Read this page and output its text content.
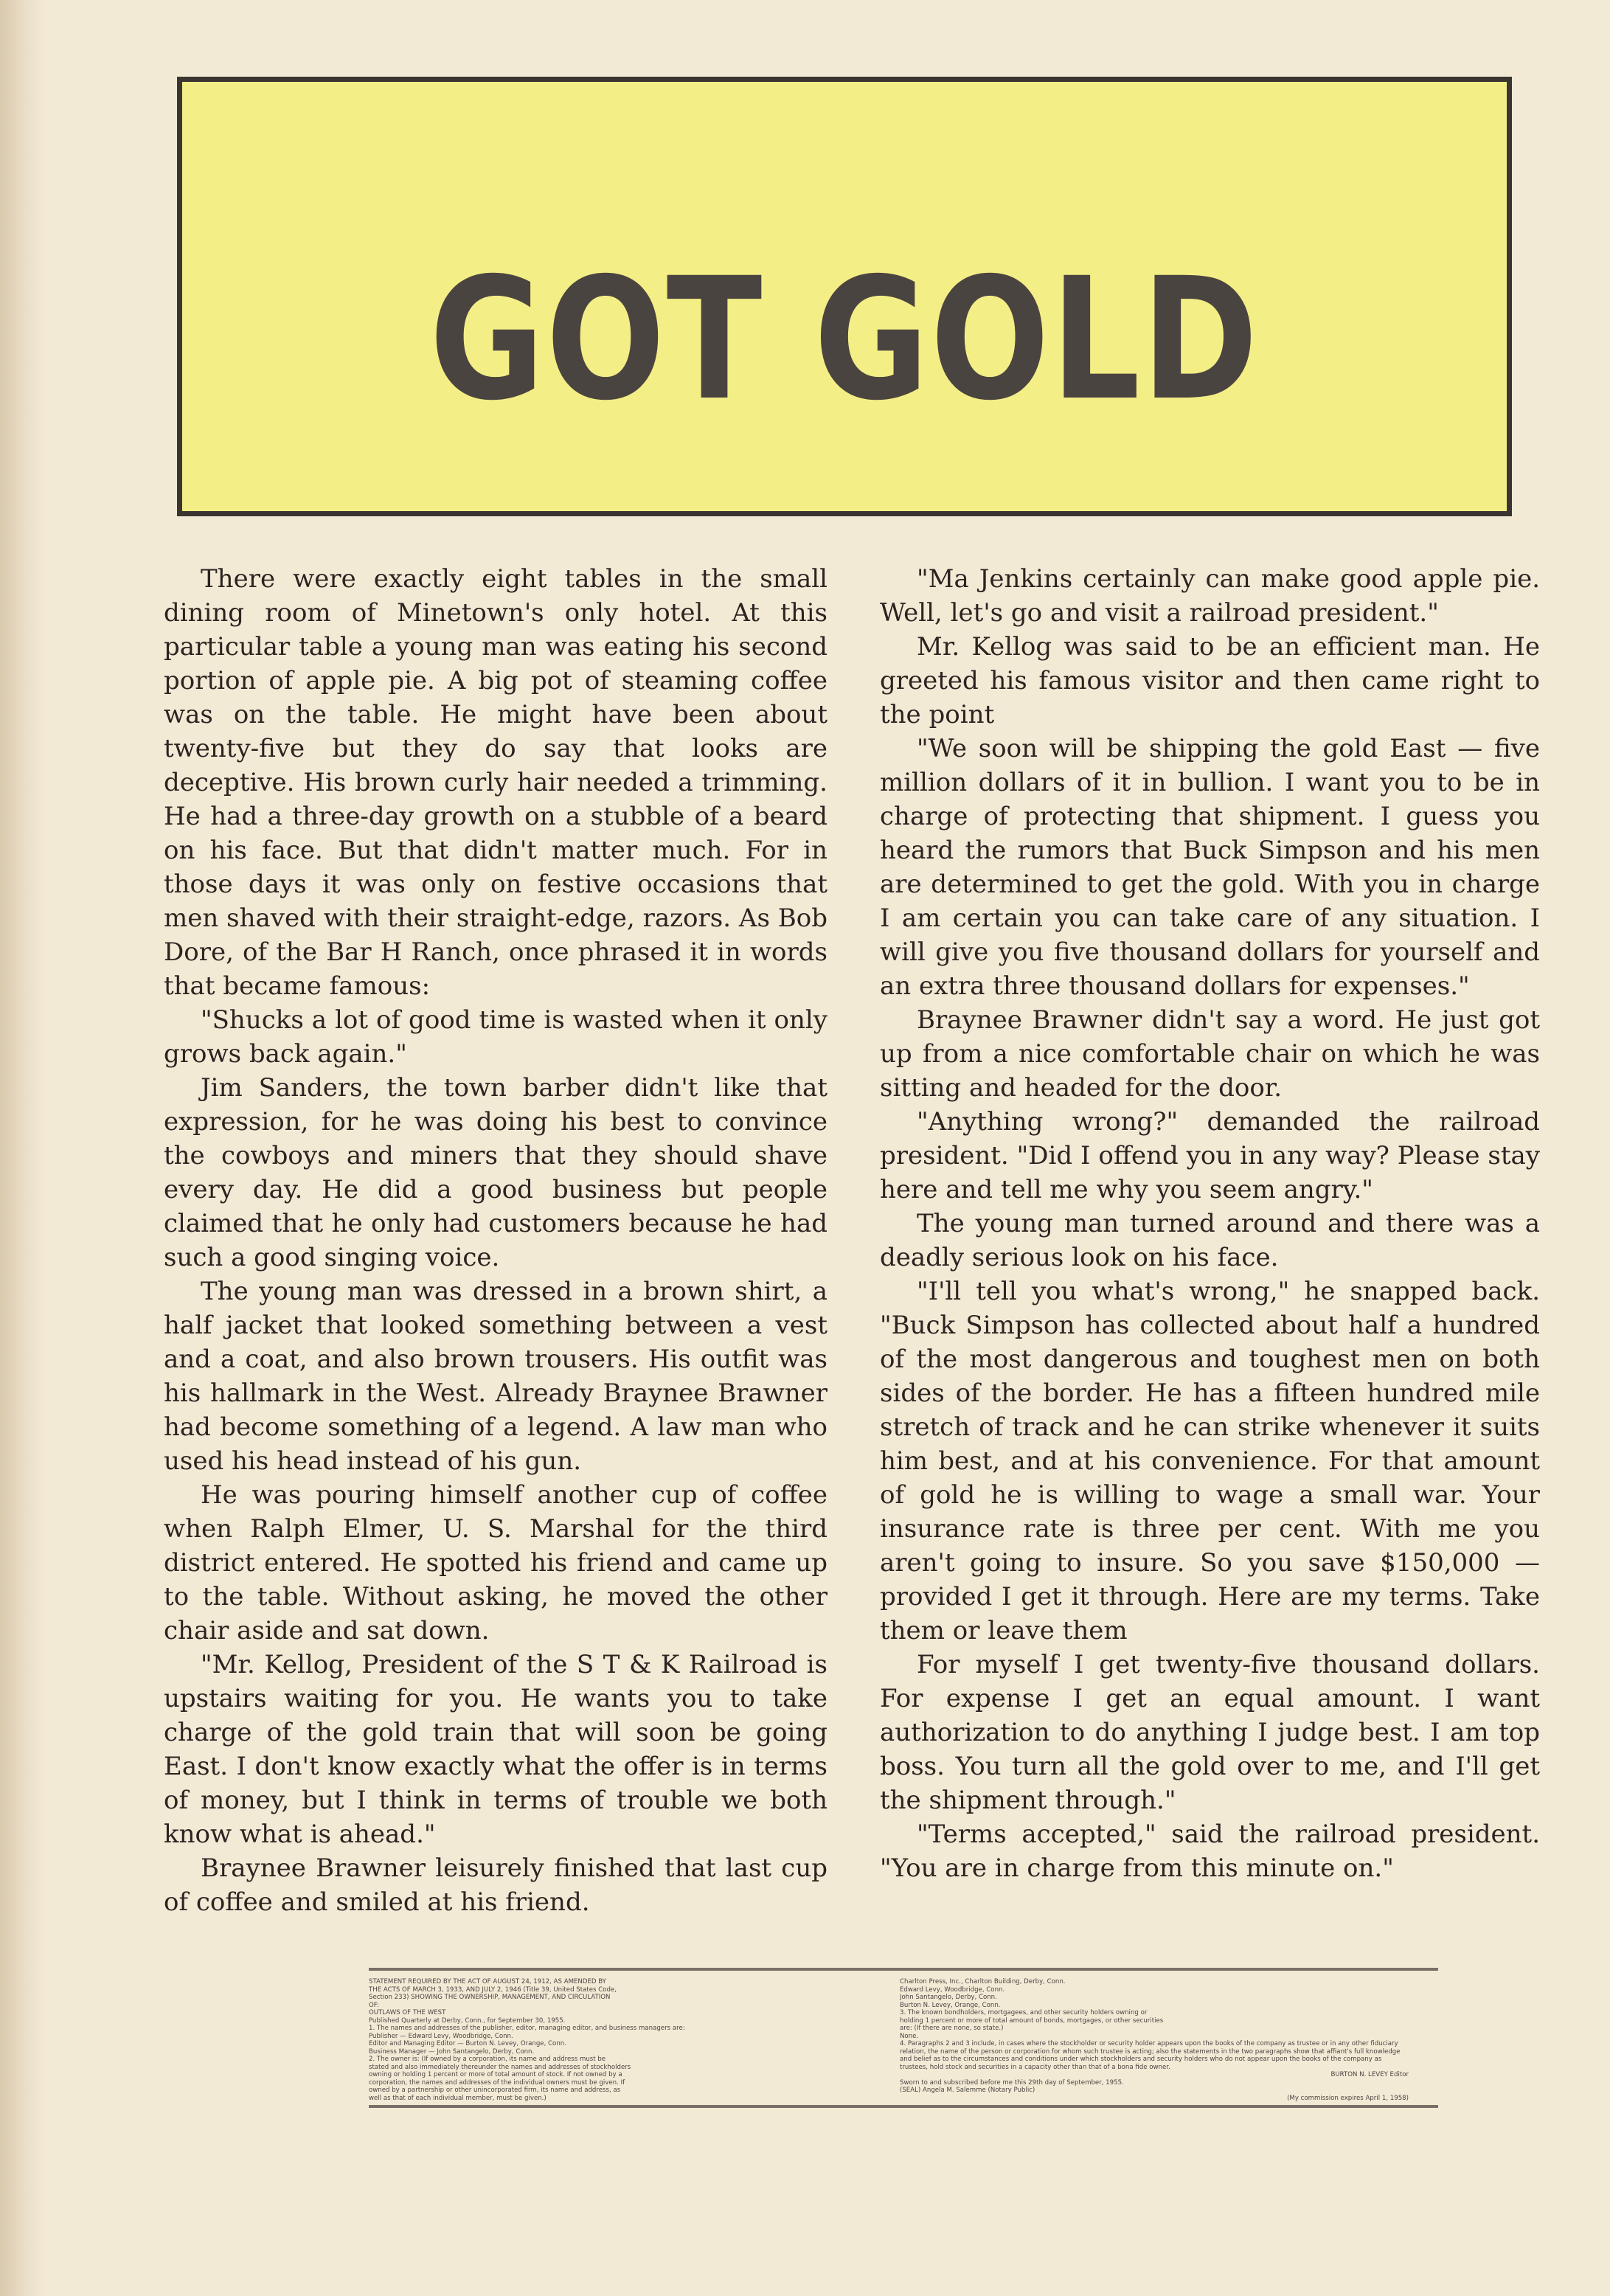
GOT GOLD

There were exactly eight tables in the small dining room of Minetown's only hotel. At this particular table a young man was eating his second portion of apple pie. A big pot of steaming coffee was on the table. He might have been about twenty-five but they do say that looks are deceptive. His brown curly hair needed a trimming. He had a three-day growth on a stubble of a beard on his face. But that didn't matter much. For in those days it was only on festive occasions that men shaved with their straight-edge, razors. As Bob Dore, of the Bar H Ranch, once phrased it in words that became famous:

"Shucks a lot of good time is wasted when it only grows back again."

Jim Sanders, the town barber didn't like that expression, for he was doing his best to convince the cowboys and miners that they should shave every day. He did a good business but people claimed that he only had customers because he had such a good singing voice.

The young man was dressed in a brown shirt, a half jacket that looked something between a vest and a coat, and also brown trousers. His outfit was his hallmark in the West. Already Braynee Brawner had become something of a legend. A law man who used his head instead of his gun.

He was pouring himself another cup of coffee when Ralph Elmer, U. S. Marshal for the third district entered. He spotted his friend and came up to the table. Without asking, he moved the other chair aside and sat down.

"Mr. Kellog, President of the S T & K Railroad is upstairs waiting for you. He wants you to take charge of the gold train that will soon be going East. I don't know exactly what the offer is in terms of money, but I think in terms of trouble we both know what is ahead."

Braynee Brawner leisurely finished that last cup of coffee and smiled at his friend.

"Ma Jenkins certainly can make good apple pie. Well, let's go and visit a railroad president."

Mr. Kellog was said to be an efficient man. He greeted his famous visitor and then came right to the point

"We soon will be shipping the gold East — five million dollars of it in bullion. I want you to be in charge of protecting that shipment. I guess you heard the rumors that Buck Simpson and his men are determined to get the gold. With you in charge I am certain you can take care of any situation. I will give you five thousand dollars for yourself and an extra three thousand dollars for expenses."

Braynee Brawner didn't say a word. He just got up from a nice comfortable chair on which he was sitting and headed for the door.

"Anything wrong?" demanded the railroad president. "Did I offend you in any way? Please stay here and tell me why you seem angry."

The young man turned around and there was a deadly serious look on his face.

"I'll tell you what's wrong," he snapped back. "Buck Simpson has collected about half a hundred of the most dangerous and toughest men on both sides of the border. He has a fifteen hundred mile stretch of track and he can strike whenever it suits him best, and at his convenience. For that amount of gold he is willing to wage a small war. Your insurance rate is three per cent. With me you aren't going to insure. So you save $150,000 — provided I get it through. Here are my terms. Take them or leave them

For myself I get twenty-five thousand dollars. For expense I get an equal amount. I want authorization to do anything I judge best. I am top boss. You turn all the gold over to me, and I'll get the shipment through."

"Terms accepted," said the railroad president. "You are in charge from this minute on."

STATEMENT REQUIRED BY THE ACT OF AUGUST 24, 1912, AS AMENDED BY
THE ACTS OF MARCH 3, 1933, AND JULY 2, 1946 (Title 39, United States Code,
Section 233) SHOWING THE OWNERSHIP, MANAGEMENT, AND CIRCULATION
OF:
OUTLAWS OF THE WEST
Published Quarterly at Derby, Conn., for September 30, 1955.
1. The names and addresses of the publisher, editor, managing editor, and business managers are:
Publisher — Edward Levy, Woodbridge, Conn.
Editor and Managing Editor — Burton N. Levey, Orange, Conn.
Business Manager — John Santangelo, Derby, Conn.
2. The owner is: (If owned by a corporation, its name and address must be
stated and also immediately thereunder the names and addresses of stockholders
owning or holding 1 percent or more of total amount of stock. If not owned by a
corporation, the names and addresses of the individual owners must be given. If
owned by a partnership or other unincorporated firm, its name and address, as
well as that of each individual member, must be given.)
Charlton Press, Inc., Charlton Building, Derby, Conn.
Edward Levy, Woodbridge, Conn.
John Santangelo, Derby, Conn.
Burton N. Levey, Orange, Conn.
3. The known bondholders, mortgagees, and other security holders owning or
holding 1 percent or more of total amount of bonds, mortgages, or other securities
are: (If there are none, so state.)
None.
4. Paragraphs 2 and 3 include, in cases where the stockholder or security holder appears upon the books of the company as trustee or in any other fiduciary relation, the name of the person or corporation for whom such trustee is acting; also the statements in the two paragraphs show that affiant's full knowledge and belief as to the circumstances and conditions under which stockholders and security holders who do not appear upon the books of the company as trustees, hold stock and securities in a capacity other than that of a bona fide owner.
BURTON N. LEVEY Editor
Sworn to and subscribed before me this 29th day of September, 1955.
(SEAL) Angela M. Salemme (Notary Public)
(My commission expires April 1, 1958)
